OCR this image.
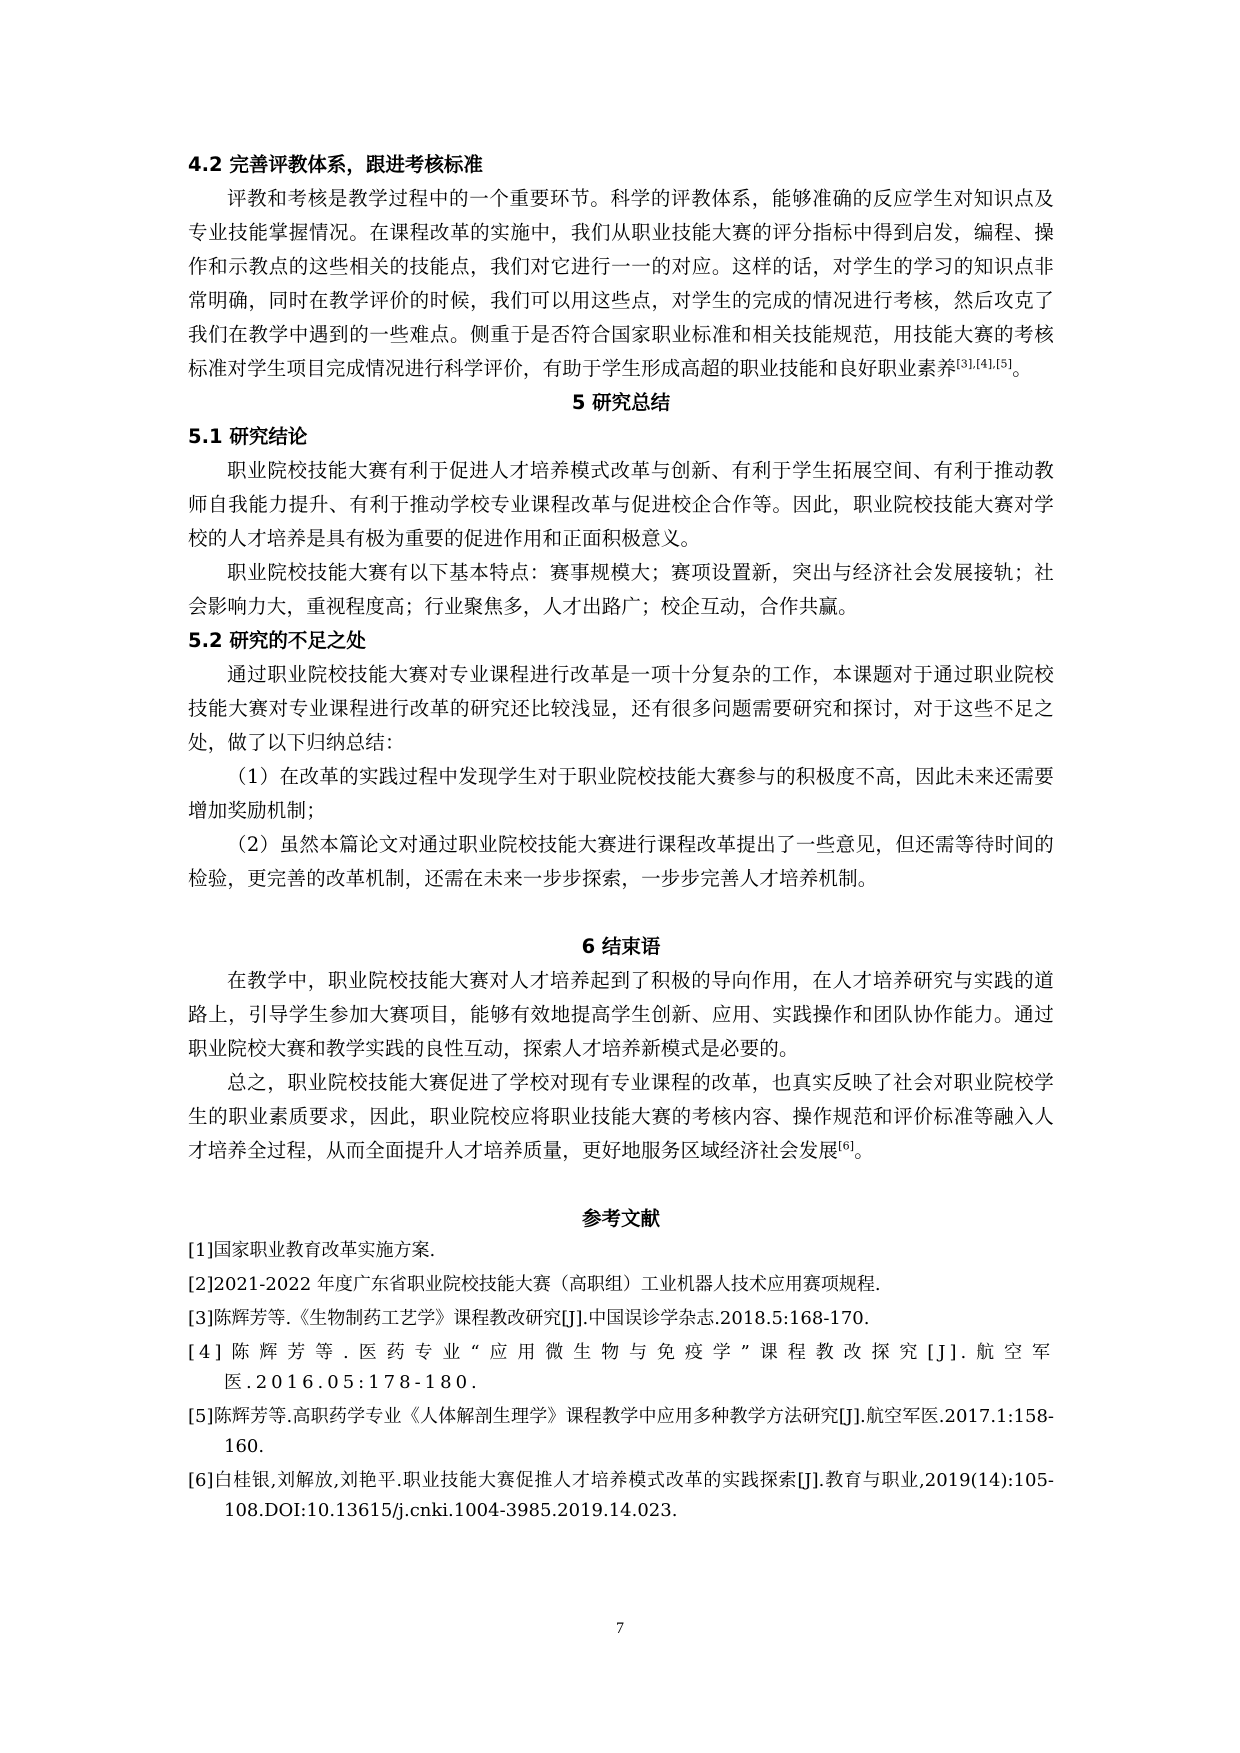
4.2 完善评教体系，跟进考核标准

评教和考核是教学过程中的一个重要环节。科学的评教体系，能够准确的反应学生对知识点及专业技能掌握情况。在课程改革的实施中，我们从职业技能大赛的评分指标中得到启发，编程、操作和示教点的这些相关的技能点，我们对它进行一一的对应。这样的话，对学生的学习的知识点非常明确，同时在教学评价的时候，我们可以用这些点，对学生的完成的情况进行考核，然后攻克了我们在教学中遇到的一些难点。侧重于是否符合国家职业标准和相关技能规范，用技能大赛的考核标准对学生项目完成情况进行科学评价，有助于学生形成高超的职业技能和良好职业素养[3],[4],[5]。

5 研究总结
5.1 研究结论

职业院校技能大赛有利于促进人才培养模式改革与创新、有利于学生拓展空间、有利于推动教师自我能力提升、有利于推动学校专业课程改革与促进校企合作等。因此，职业院校技能大赛对学校的人才培养是具有极为重要的促进作用和正面积极意义。

职业院校技能大赛有以下基本特点：赛事规模大；赛项设置新，突出与经济社会发展接轨；社会影响力大，重视程度高；行业聚焦多，人才出路广；校企互动，合作共赢。

5.2 研究的不足之处

通过职业院校技能大赛对专业课程进行改革是一项十分复杂的工作，本课题对于通过职业院校技能大赛对专业课程进行改革的研究还比较浅显，还有很多问题需要研究和探讨，对于这些不足之处，做了以下归纳总结：

（1）在改革的实践过程中发现学生对于职业院校技能大赛参与的积极度不高，因此未来还需要增加奖励机制；

（2）虽然本篇论文对通过职业院校技能大赛进行课程改革提出了一些意见，但还需等待时间的检验，更完善的改革机制，还需在未来一步步探索，一步步完善人才培养机制。

6 结束语

在教学中，职业院校技能大赛对人才培养起到了积极的导向作用，在人才培养研究与实践的道路上，引导学生参加大赛项目，能够有效地提高学生创新、应用、实践操作和团队协作能力。通过职业院校大赛和教学实践的良性互动，探索人才培养新模式是必要的。

总之，职业院校技能大赛促进了学校对现有专业课程的改革，也真实反映了社会对职业院校学生的职业素质要求，因此，职业院校应将职业技能大赛的考核内容、操作规范和评价标准等融入人才培养全过程，从而全面提升人才培养质量，更好地服务区域经济社会发展[6]。

参考文献

[1]国家职业教育改革实施方案.

[2]2021-2022 年度广东省职业院校技能大赛（高职组）工业机器人技术应用赛项规程.

[3]陈辉芳等.《生物制药工艺学》课程教改研究[J].中国误诊学杂志.2018.5:168-170.

[4]陈辉芳等.医药专业“应用微生物与免疫学”课程教改探究[J].航空军医.2016.05:178-180.

[5]陈辉芳等.高职药学专业《人体解剖生理学》课程教学中应用多种教学方法研究[J].航空军医.2017.1:158-160.

[6]白桂银,刘解放,刘艳平.职业技能大赛促推人才培养模式改革的实践探索[J].教育与职业,2019(14):105-108.DOI:10.13615/j.cnki.1004-3985.2019.14.023.

7
